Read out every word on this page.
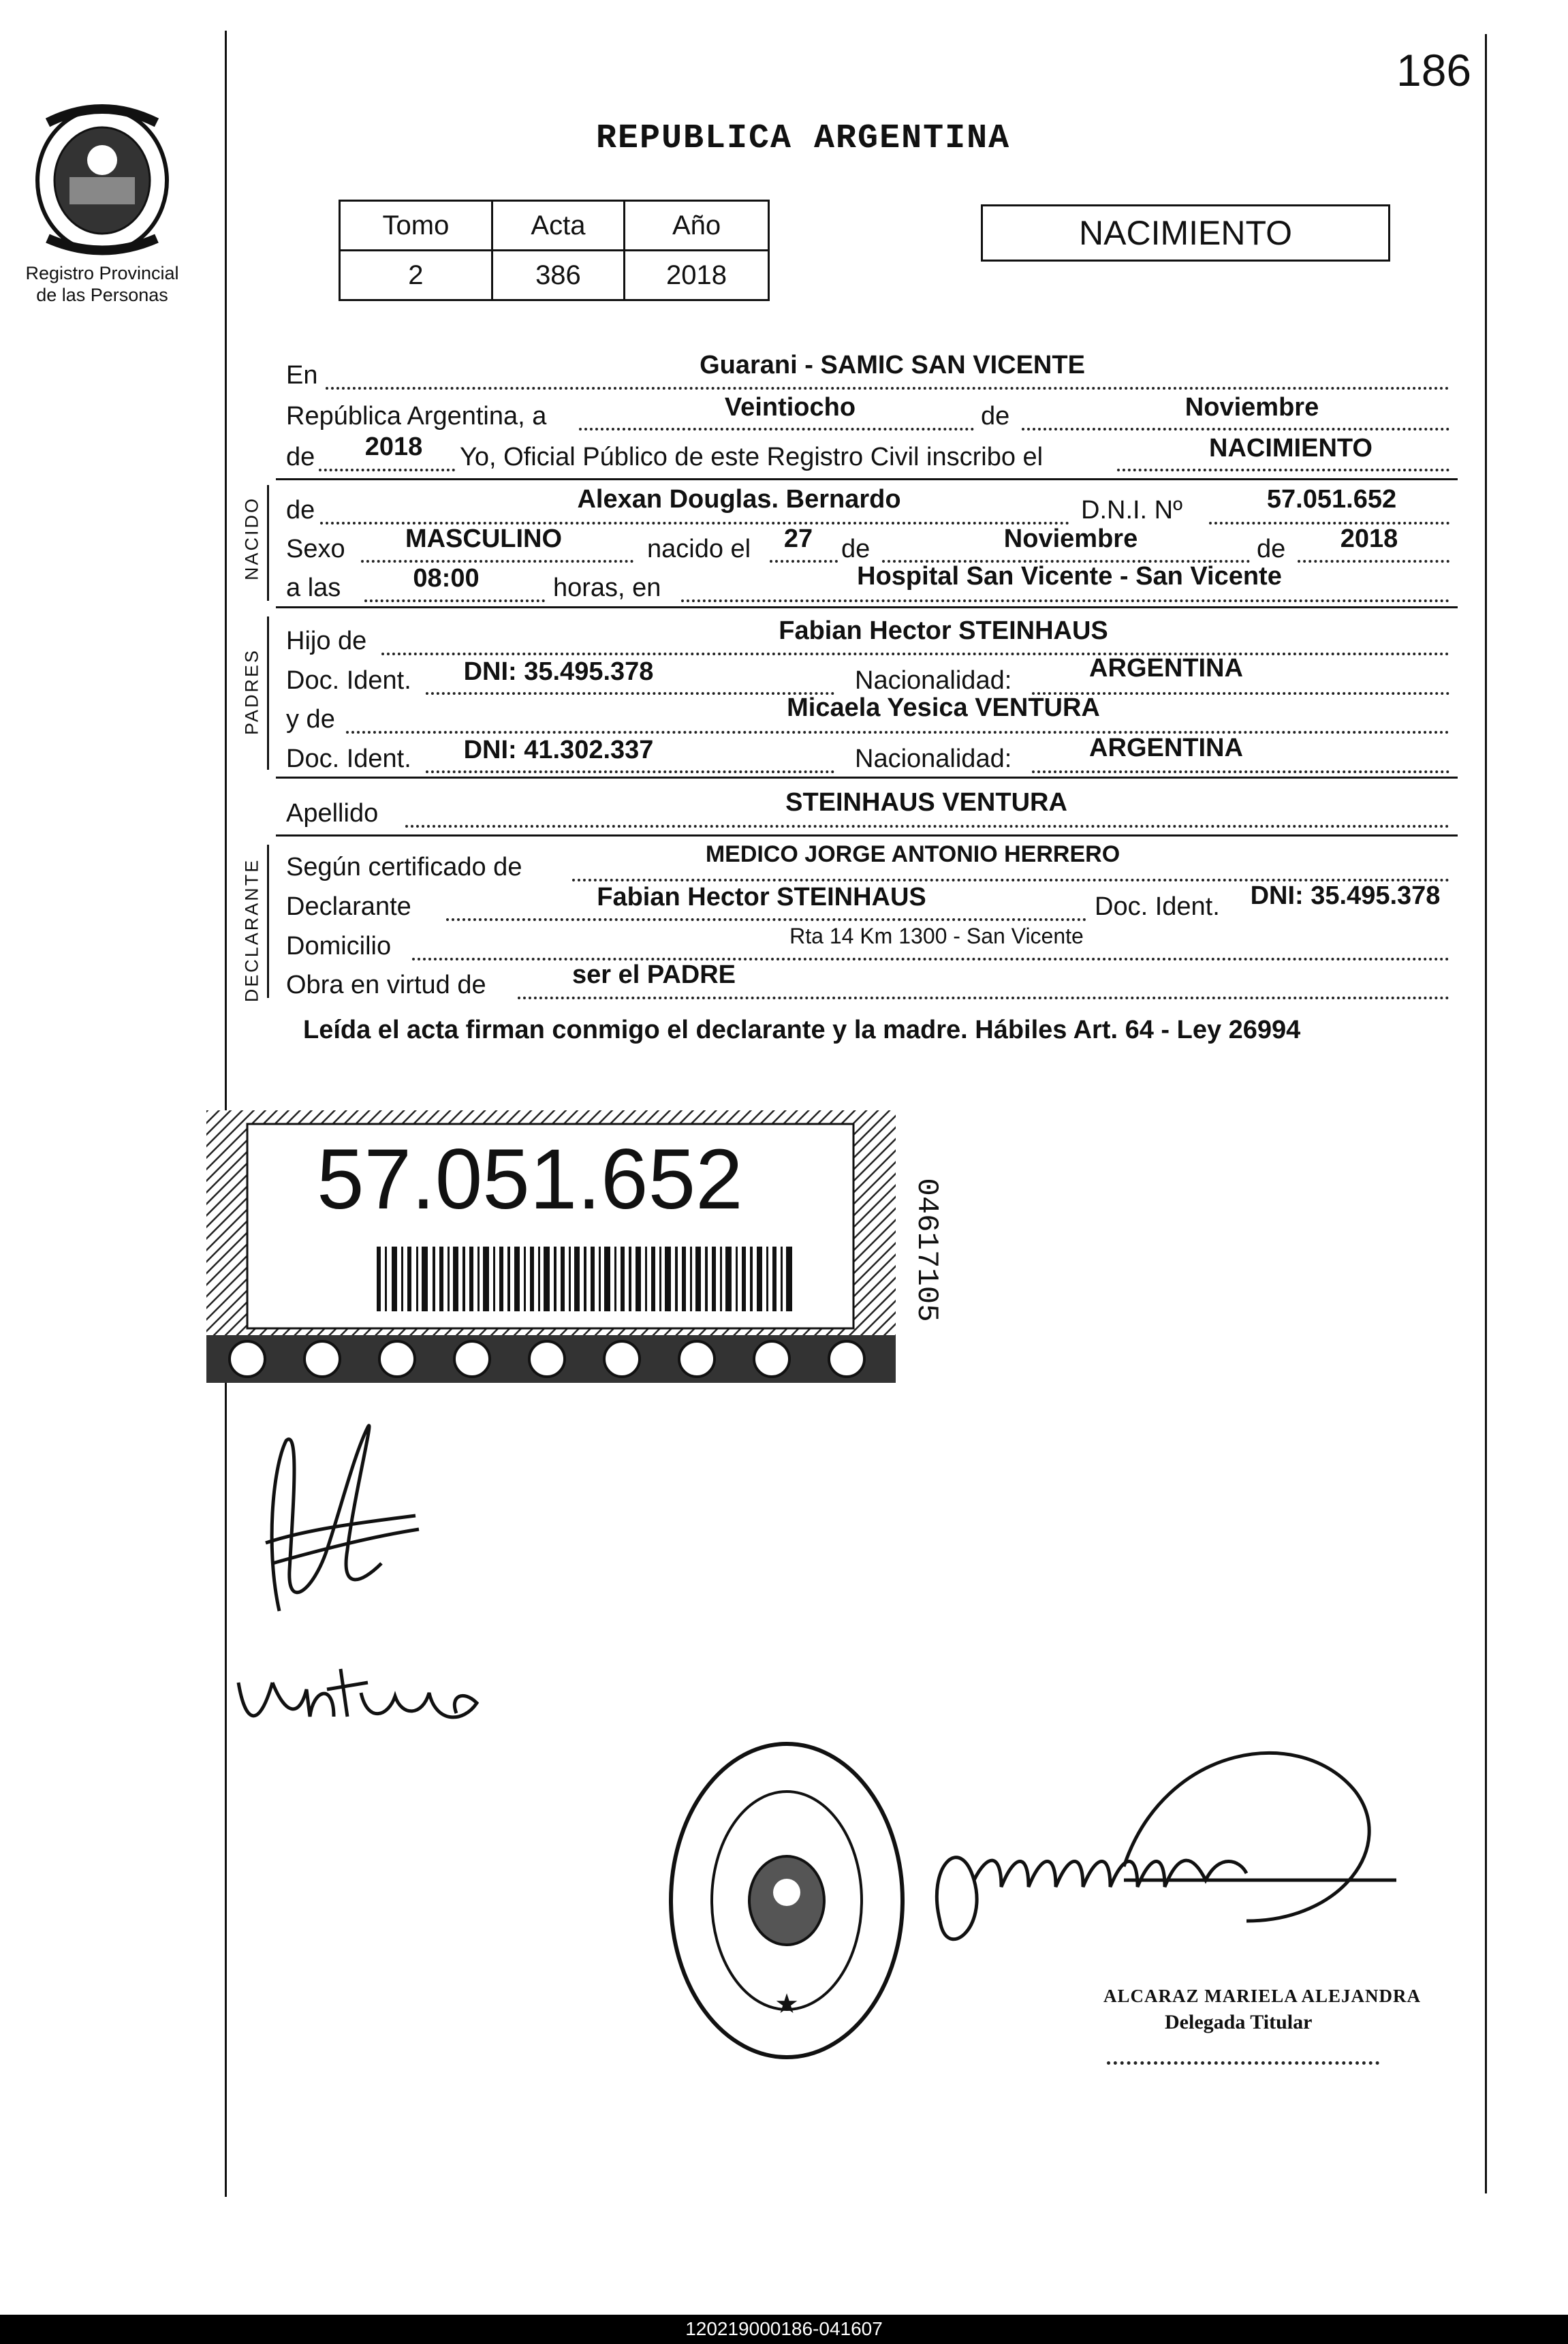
186
Registro Provincial
de las Personas
REPUBLICA ARGENTINA
Tomo	Acta	Año
2	386	2018
NACIMIENTO
En	Guarani - SAMIC SAN VICENTE
República Argentina, a	Veintiocho	de	Noviembre
de 2018 Yo, Oficial Público de este Registro Civil inscribo el	NACIMIENTO
NACIDO de	Alexan Douglas. Bernardo	D.N.I. Nº	57.051.652
Sexo MASCULINO	nacido el 27 de	Noviembre	de 2018
a las	08:00	horas, en	Hospital San Vicente - San Vicente
PADRES
Hijo de	Fabian Hector STEINHAUS
Doc. Ident. DNI: 35.495.378	Nacionalidad:	ARGENTINA
y de	Micaela Yesica VENTURA
Doc. Ident. DNI: 41.302.337	Nacionalidad:	ARGENTINA
Apellido	STEINHAUS VENTURA
DECLARANTE Según certificado de	MEDICO JORGE ANTONIO HERRERO
Declarante	Fabian Hector STEINHAUS	Doc. Ident. DNI: 35.495.378
Domicilio	Rta 14 Km 1300 - San Vicente
Obra en virtud de	ser el PADRE
Leída el acta firman conmigo el declarante y la madre. Hábiles Art. 64 - Ley 26994
57.051.652	04617105
★	ALCARAZ MARIELA ALEJANDRA
Delegada Titular
120219000186-041607
